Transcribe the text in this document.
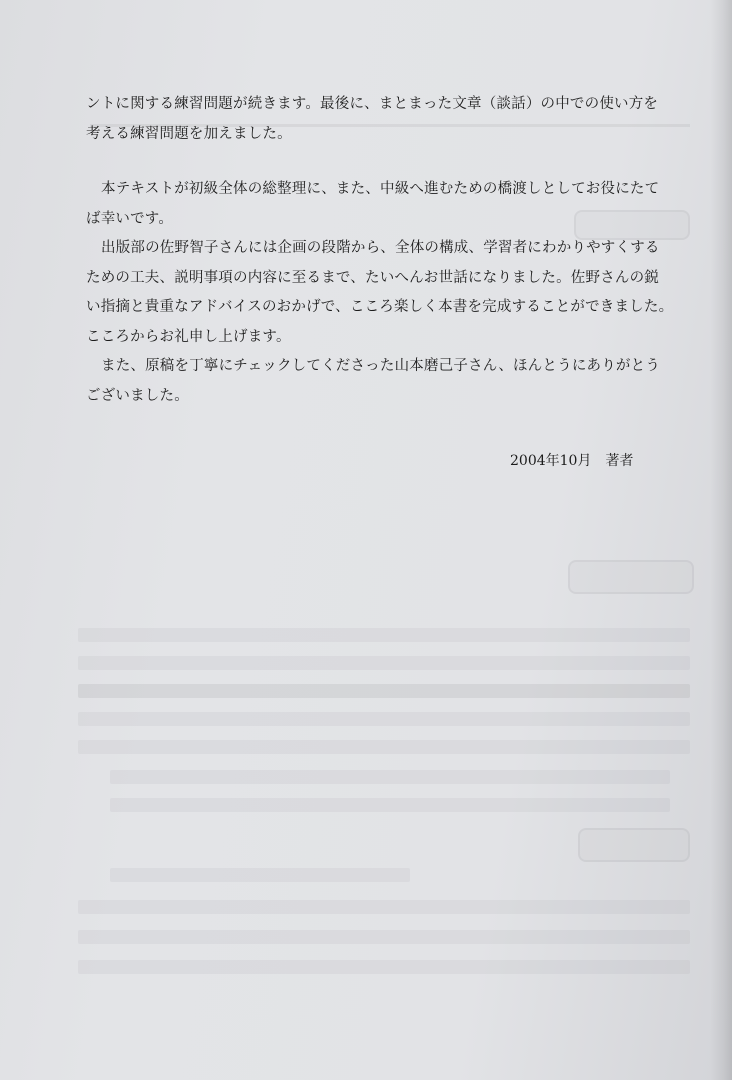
ントに関する練習問題が続きます。最後に、まとまった文章（談話）の中での使い方を
考える練習問題を加えました。
本テキストが初級全体の総整理に、また、中級へ進むための橋渡しとしてお役にたて
ば幸いです。
出版部の佐野智子さんには企画の段階から、全体の構成、学習者にわかりやすくする
ための工夫、説明事項の内容に至るまで、たいへんお世話になりました。佐野さんの鋭
い指摘と貴重なアドバイスのおかげで、こころ楽しく本書を完成することができました。
こころからお礼申し上げます。
また、原稿を丁寧にチェックしてくださった山本磨己子さん、ほんとうにありがとう
ございました。
2004年10月 著者
